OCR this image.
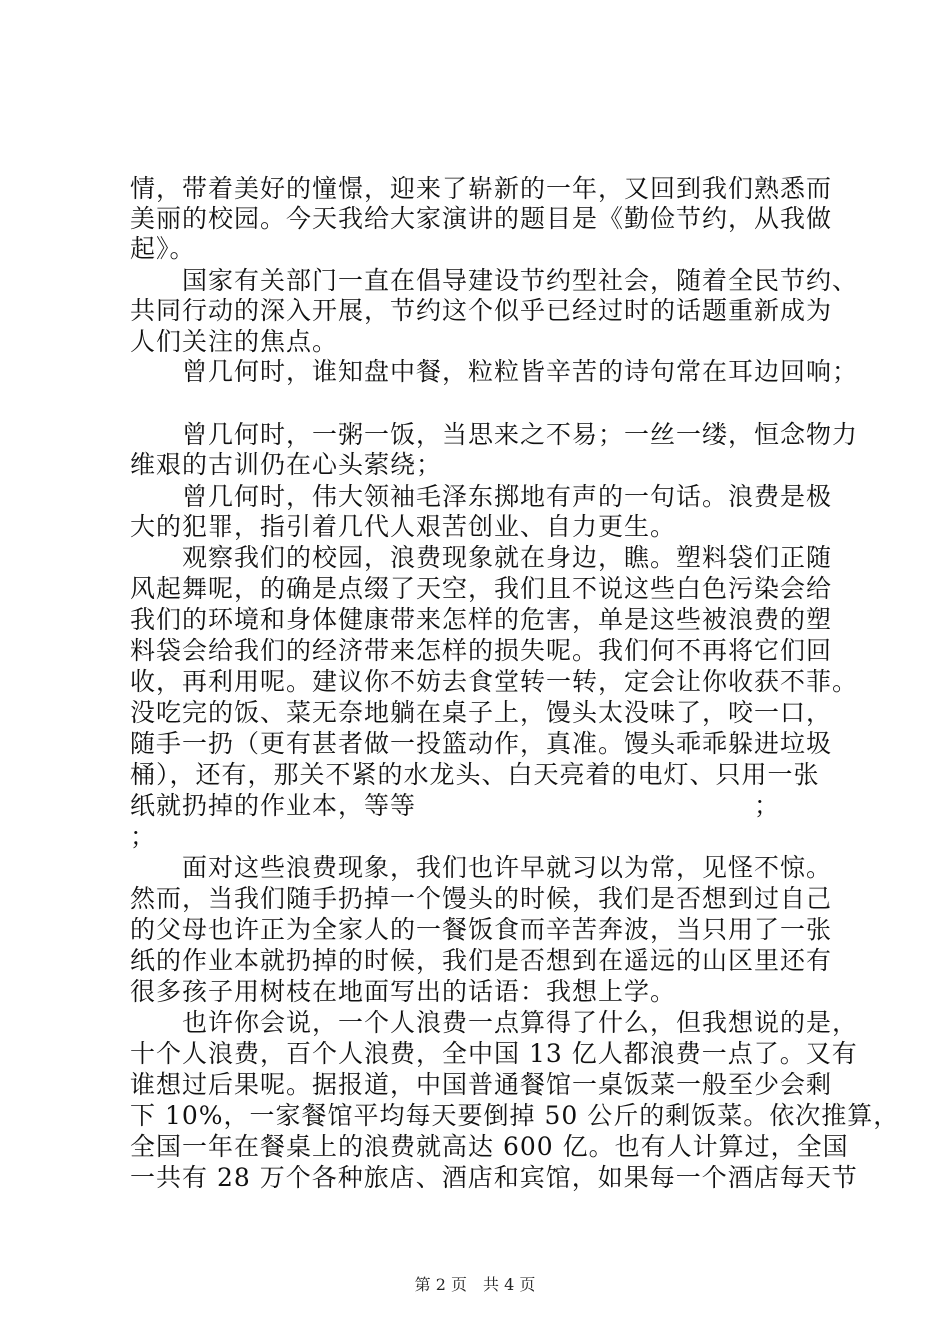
情，带着美好的憧憬，迎来了崭新的一年，又回到我们熟悉而
美丽的校园。今天我给大家演讲的题目是《勤俭节约，从我做
起》。
　　国家有关部门一直在倡导建设节约型社会，随着全民节约、
共同行动的深入开展，节约这个似乎已经过时的话题重新成为
人们关注的焦点。
　　曾几何时，谁知盘中餐，粒粒皆辛苦的诗句常在耳边回响；
　　曾几何时，一粥一饭，当思来之不易；一丝一缕，恒念物力
维艰的古训仍在心头萦绕；
　　曾几何时，伟大领袖毛泽东掷地有声的一句话。浪费是极
大的犯罪，指引着几代人艰苦创业、自力更生。
　　观察我们的校园，浪费现象就在身边，瞧。塑料袋们正随
风起舞呢，的确是点缀了天空，我们且不说这些白色污染会给
我们的环境和身体健康带来怎样的危害，单是这些被浪费的塑
料袋会给我们的经济带来怎样的损失呢。我们何不再将它们回
收，再利用呢。建议你不妨去食堂转一转，定会让你收获不菲。
没吃完的饭、菜无奈地躺在桌子上，馒头太没味了，咬一口，
随手一扔（更有甚者做一投篮动作，真准。馒头乖乖躲进垃圾
桶），还有，那关不紧的水龙头、白天亮着的电灯、只用一张
纸就扔掉的作业本，等等　　　　　　　　　　　　　；
；
　　面对这些浪费现象，我们也许早就习以为常，见怪不惊。
然而，当我们随手扔掉一个馒头的时候，我们是否想到过自己
的父母也许正为全家人的一餐饭食而辛苦奔波，当只用了一张
纸的作业本就扔掉的时候，我们是否想到在遥远的山区里还有
很多孩子用树枝在地面写出的话语：我想上学。
　　也许你会说，一个人浪费一点算得了什么，但我想说的是，
十个人浪费，百个人浪费，全中国 13 亿人都浪费一点了。又有
谁想过后果呢。据报道，中国普通餐馆一桌饭菜一般至少会剩
下 10%，一家餐馆平均每天要倒掉 50 公斤的剩饭菜。依次推算，
全国一年在餐桌上的浪费就高达 600 亿。也有人计算过，全国
一共有 28 万个各种旅店、酒店和宾馆，如果每一个酒店每天节
第 2 页　共 4 页
